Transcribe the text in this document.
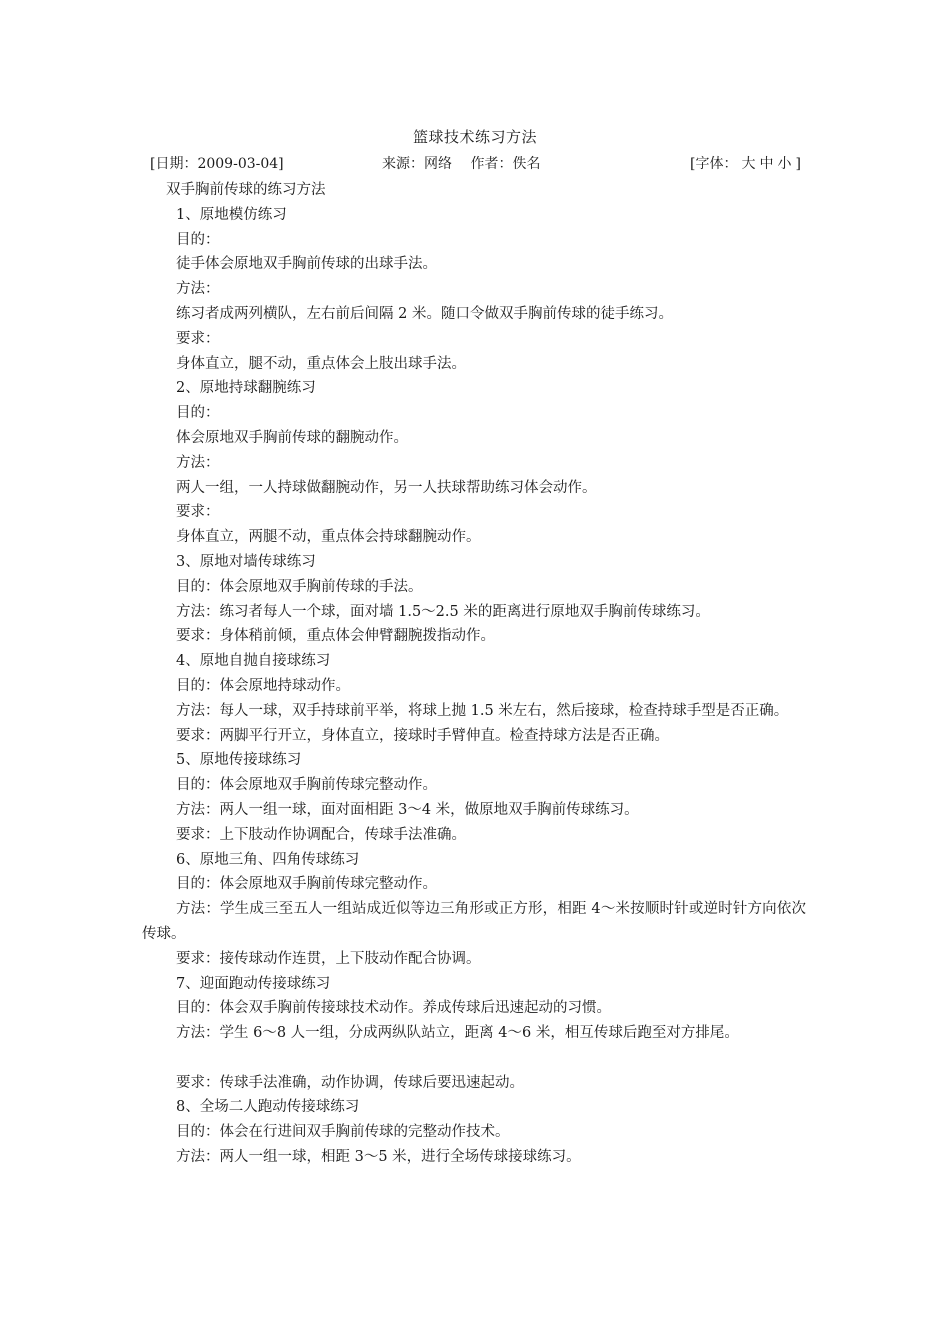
篮球技术练习方法
[日期：2009-03-04]	来源：网络　 作者：佚名	[字体： 大 中 小 ]
双手胸前传球的练习方法
1、原地模仿练习
目的：
徒手体会原地双手胸前传球的出球手法。
方法：
练习者成两列横队，左右前后间隔 2 米。随口令做双手胸前传球的徒手练习。
要求：
身体直立，腿不动，重点体会上肢出球手法。
2、原地持球翻腕练习
目的：
体会原地双手胸前传球的翻腕动作。
方法：
两人一组，一人持球做翻腕动作，另一人扶球帮助练习体会动作。
要求：
身体直立，两腿不动，重点体会持球翻腕动作。
3、原地对墙传球练习
目的：体会原地双手胸前传球的手法。
方法：练习者每人一个球，面对墙 1.5～2.5 米的距离进行原地双手胸前传球练习。
要求：身体稍前倾，重点体会伸臂翻腕拨指动作。
4、原地自抛自接球练习
目的：体会原地持球动作。
方法：每人一球，双手持球前平举，将球上抛 1.5 米左右，然后接球，检查持球手型是否正确。
要求：两脚平行开立，身体直立，接球时手臂伸直。检查持球方法是否正确。
5、原地传接球练习
目的：体会原地双手胸前传球完整动作。
方法：两人一组一球，面对面相距 3～4 米，做原地双手胸前传球练习。
要求：上下肢动作协调配合，传球手法准确。
6、原地三角、四角传球练习
目的：体会原地双手胸前传球完整动作。
方法：学生成三至五人一组站成近似等边三角形或正方形，相距 4～米按顺时针或逆时针方向依次传球。
要求：接传球动作连贯，上下肢动作配合协调。
7、迎面跑动传接球练习
目的：体会双手胸前传接球技术动作。养成传球后迅速起动的习惯。
方法：学生 6～8 人一组，分成两纵队站立，距离 4～6 米，相互传球后跑至对方排尾。
要求：传球手法准确，动作协调，传球后要迅速起动。
8、全场二人跑动传接球练习
目的：体会在行进间双手胸前传球的完整动作技术。
方法：两人一组一球，相距 3～5 米，进行全场传球接球练习。
